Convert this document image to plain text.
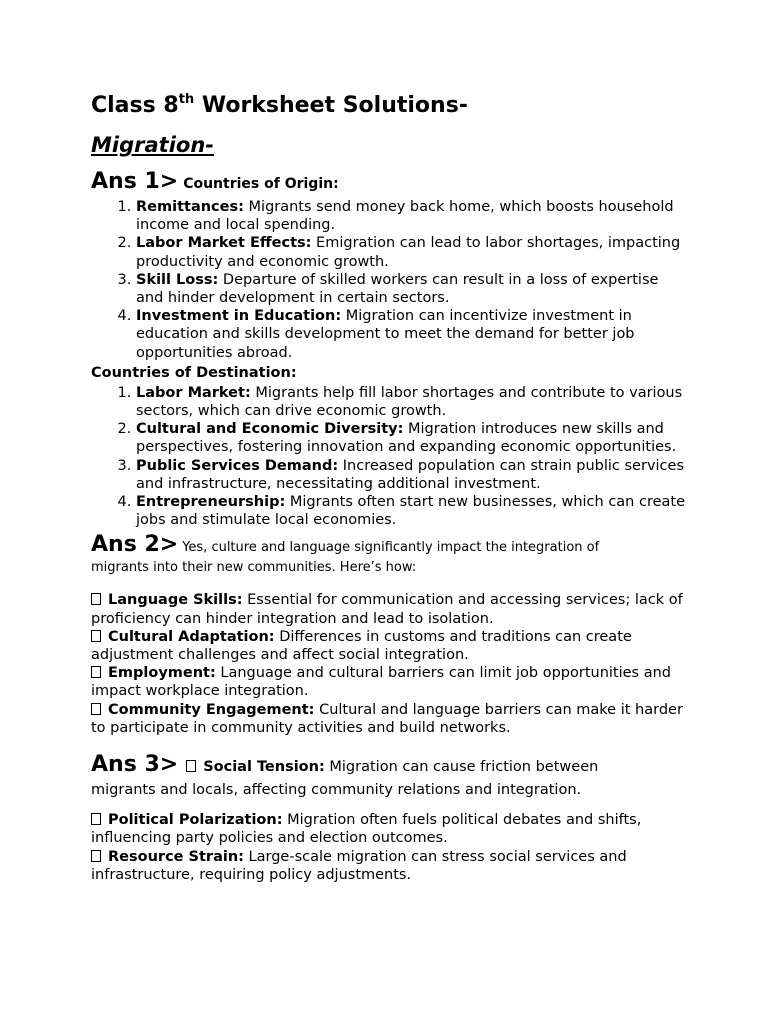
Class 8th Worksheet Solutions-
Migration-

Ans 1> Countries of Origin:

1. Remittances: Migrants send money back home, which boosts household income and local spending.
2. Labor Market Effects: Emigration can lead to labor shortages, impacting productivity and economic growth.
3. Skill Loss: Departure of skilled workers can result in a loss of expertise and hinder development in certain sectors.
4. Investment in Education: Migration can incentivize investment in education and skills development to meet the demand for better job opportunities abroad.

Countries of Destination:

1. Labor Market: Migrants help fill labor shortages and contribute to various sectors, which can drive economic growth.
2. Cultural and Economic Diversity: Migration introduces new skills and perspectives, fostering innovation and expanding economic opportunities.
3. Public Services Demand: Increased population can strain public services and infrastructure, necessitating additional investment.
4. Entrepreneurship: Migrants often start new businesses, which can create jobs and stimulate local economies.

Ans 2> Yes, culture and language significantly impact the integration of

migrants into their new communities. Here’s how:

Language Skills: Essential for communication and accessing services; lack of proficiency can hinder integration and lead to isolation.

Cultural Adaptation: Differences in customs and traditions can create adjustment challenges and affect social integration.

Employment: Language and cultural barriers can limit job opportunities and impact workplace integration.

Community Engagement: Cultural and language barriers can make it harder to participate in community activities and build networks.

Ans 3> Social Tension: Migration can cause friction between

migrants and locals, affecting community relations and integration.

Political Polarization: Migration often fuels political debates and shifts, influencing party policies and election outcomes.

Resource Strain: Large-scale migration can stress social services and infrastructure, requiring policy adjustments.
